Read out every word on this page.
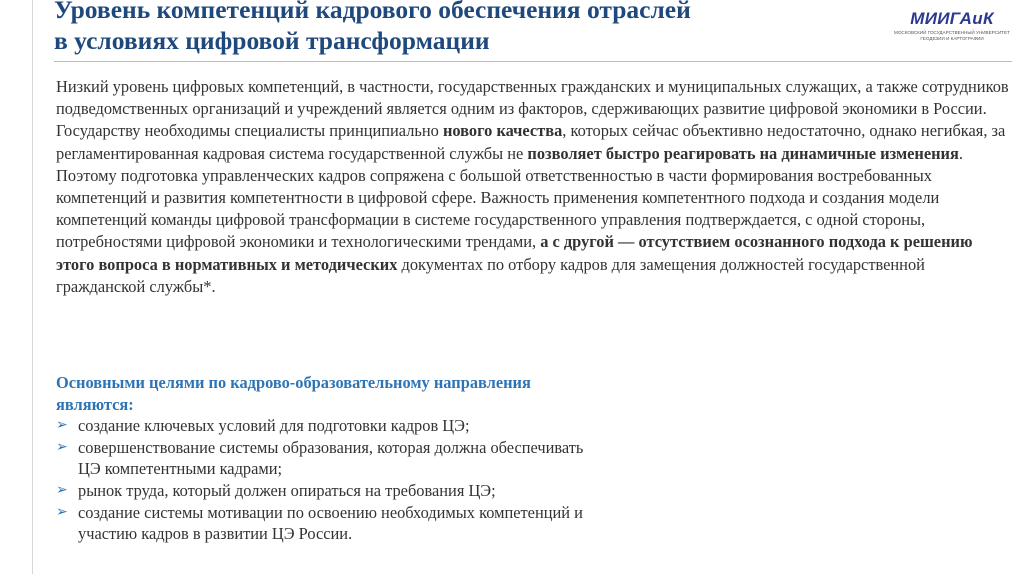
Уровень компетенций кадрового обеспечения отраслей
в условиях цифровой трансформации
МИИГАиК
МОСКОВСКИЙ ГОСУДАРСТВЕННЫЙ УНИВЕРСИТЕТ ГЕОДЕЗИИ И КАРТОГРАФИИ

Низкий уровень цифровых компетенций, в частности, государственных гражданских и муниципальных служащих, а также сотрудников подведомственных организаций и учреждений является одним из факторов, сдерживающих развитие цифровой экономики в России.

Государству необходимы специалисты принципиально нового качества, которых сейчас объективно недостаточно, однако негибкая, за регламентированная кадровая система государственной службы не позволяет быстро реагировать на динамичные изменения. Поэтому подготовка управленческих кадров сопряжена с большой ответственностью в части формирования востребованных компетенций и развития компетентности в цифровой сфере. Важность применения компетентного подхода и создания модели компетенций команды цифровой трансформации в системе государственного управления подтверждается, с одной стороны, потребностями цифровой экономики и технологическими трендами, а с другой — отсутствием осознанного подхода к решению этого вопроса в нормативных и методических документах по отбору кадров для замещения должностей государственной гражданской службы*.

Основными целями по кадрово-образовательному направления
являются:

➢ создание ключевых условий для подготовки кадров ЦЭ;
➢ совершенствование системы образования, которая должна обеспечивать
ЦЭ компетентными кадрами;
➢ рынок труда, который должен опираться на требования ЦЭ;
➢ создание системы мотивации по освоению необходимых компетенций и
участию кадров в развитии ЦЭ России.
